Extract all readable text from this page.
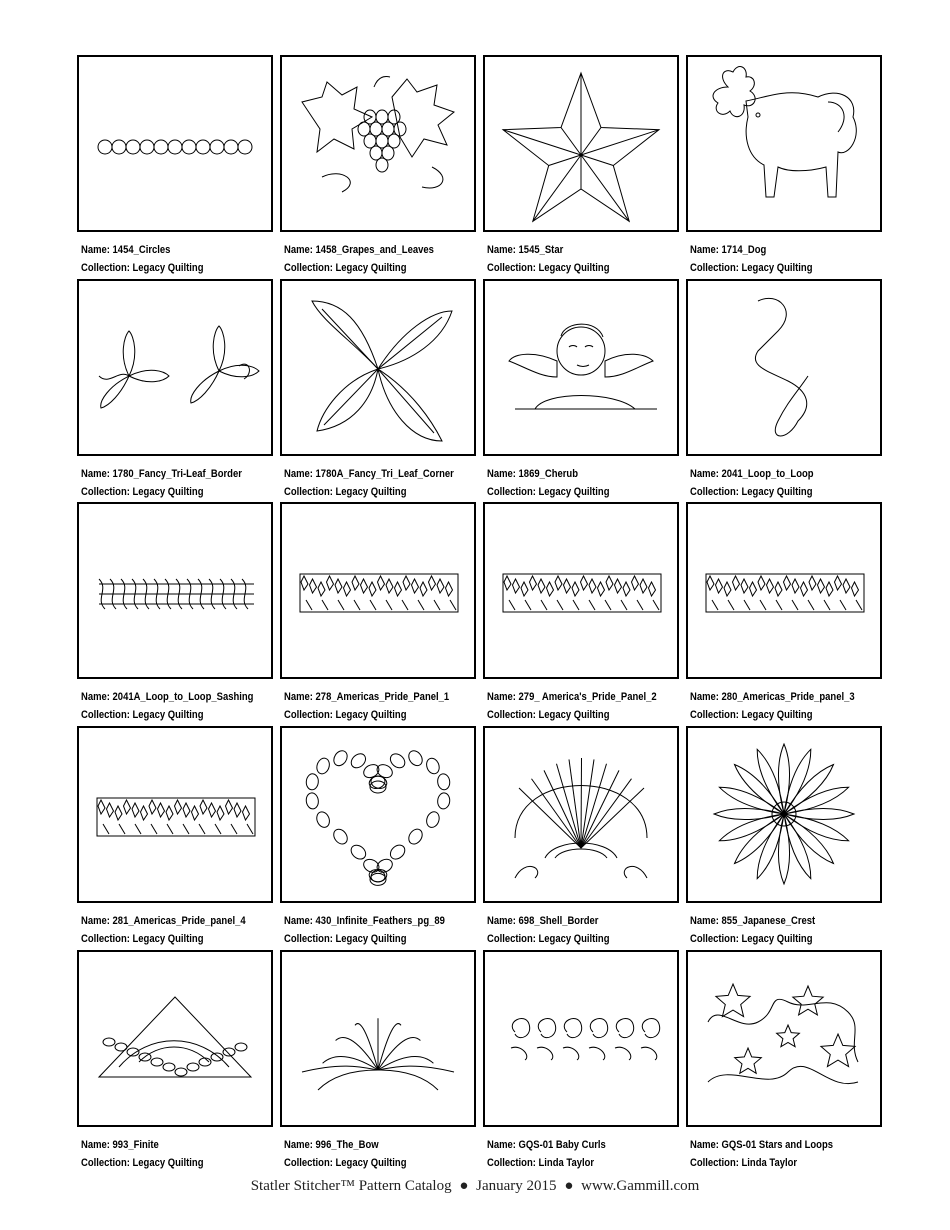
Name: 1454_Circles
Collection: Legacy Quilting
Name: 1458_Grapes_and_Leaves
Collection: Legacy Quilting
Name: 1545_Star
Collection: Legacy Quilting
Name: 1714_Dog
Collection: Legacy Quilting
Name: 1780_Fancy_Tri-Leaf_Border
Collection: Legacy Quilting
Name: 1780A_Fancy_Tri_Leaf_Corner
Collection: Legacy Quilting
Name: 1869_Cherub
Collection: Legacy Quilting
Name: 2041_Loop_to_Loop
Collection: Legacy Quilting
Name: 2041A_Loop_to_Loop_Sashing
Collection: Legacy Quilting
Name: 278_Americas_Pride_Panel_1
Collection: Legacy Quilting
Name: 279_ America's_Pride_Panel_2
Collection: Legacy Quilting
Name: 280_Americas_Pride_panel_3
Collection: Legacy Quilting
Name: 281_Americas_Pride_panel_4
Collection: Legacy Quilting
Name: 430_Infinite_Feathers_pg_89
Collection: Legacy Quilting
Name: 698_Shell_Border
Collection: Legacy Quilting
Name: 855_Japanese_Crest
Collection: Legacy Quilting
Name: 993_Finite
Collection: Legacy Quilting
Name: 996_The_Bow
Collection: Legacy Quilting
Name: GQS-01 Baby Curls
Collection: Linda Taylor
Name: GQS-01 Stars and Loops
Collection: Linda Taylor
Statler Stitcher™ Pattern Catalog ● January 2015 ● www.Gammill.com
